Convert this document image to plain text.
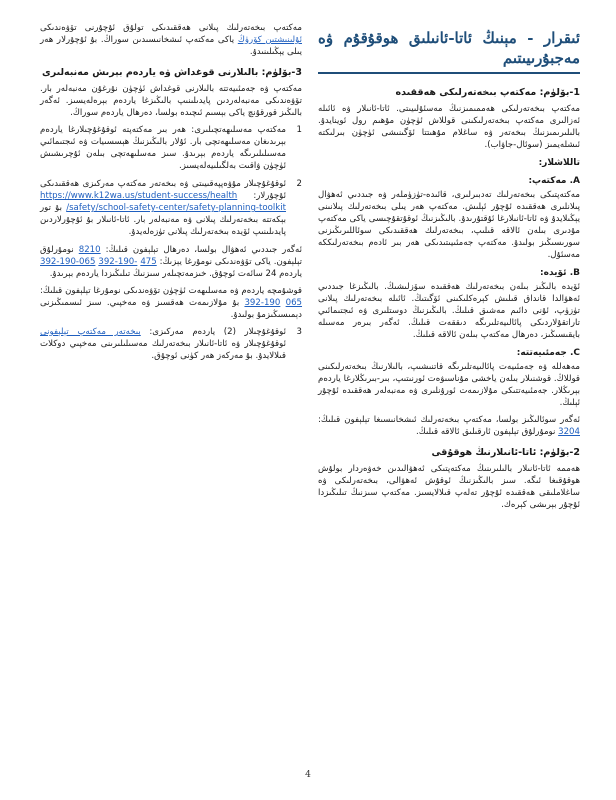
ئىقرار - مېنىڭ ئاتا-ئانىلىق ھوقۇقۇم ۋە مەجبۇرىيىتىم
1-بۆلۈم: مەكتەپ بىخەتەرلىكى ھەققىدە

مەكتەپ بىخەتەرلىكى ھەممىمىزنىڭ مەسئۇلىيىتى. ئاتا-ئانىلار ۋە ئائىلە ئەزالىرى مەكتەپ بىخەتەرلىكىنى قوللاش ئۈچۈن مۇھىم رول ئوينايدۇ. بالىلىرىمىزنىڭ بىخەتەر ۋە ساغلام مۇھىتتا ئۆگىنىشى ئۈچۈن بىرلىكتە ئىشلەيمىز (سوئال-جاۋاب).

تاللاشلار:
A. مەكتەپ:

مەكتەپتىكى بىخەتەرلىك تەدبىرلىرى، قائىدە-تۈزۈملەر ۋە جىددىي ئەھۋال پىلانلىرى ھەققىدە ئۇچۇر ئېلىش. مەكتەپ ھەر يىلى بىخەتەرلىك پىلانىنى يېڭىلايدۇ ۋە ئاتا-ئانىلارغا ئۇقتۇرىدۇ. بالىڭىزنىڭ ئوقۇتقۇچىسى ياكى مەكتەپ مۇدىرى بىلەن ئالاقە قىلىپ، بىخەتەرلىك ھەققىدىكى سوئاللىرىڭىزنى سورىسىڭىز بولىدۇ. مەكتەپ جەمئىيىتىدىكى ھەر بىر ئادەم بىخەتەرلىككە مەسئۇل.

B. ئۆيدە:

ئۆيدە بالىڭىز بىلەن بىخەتەرلىك ھەققىدە سۆزلىشىڭ. بالىڭىزغا جىددىي ئەھۋالدا قانداق قىلىش كېرەكلىكىنى ئۆگىتىڭ. ئائىلە بىخەتەرلىك پىلانى تۈزۈپ، ئۇنى دائىم مەشىق قىلىڭ. بالىڭىزنىڭ دوستلىرى ۋە ئىجتىمائىي تاراتقۇلاردىكى پائالىيەتلىرىگە دىققەت قىلىڭ. ئەگەر بىرەر مەسىلە بايقىسىڭىز، دەرھال مەكتەپ بىلەن ئالاقە قىلىڭ.

C. جەمئىيەتتە:

مەھەللە ۋە جەمئىيەت پائالىيەتلىرىگە قاتنىشىپ، بالىلارنىڭ بىخەتەرلىكىنى قوللاڭ. قوشنىلار بىلەن ياخشى مۇناسىۋەت ئورنىتىپ، بىر-بىرىڭلارغا ياردەم بېرىڭلار. جەمئىيەتتىكى مۇلازىمەت ئورۇنلىرى ۋە مەنبەلەر ھەققىدە ئۇچۇر ئېلىڭ.

ئەگەر سوئالىڭىز بولسا، مەكتەپ بىخەتەرلىك ئىشخانىسىغا تېلېفون قىلىڭ: 3204 نومۇرلۇق تېلېفون ئارقىلىق ئالاقە قىلىڭ.

2-بۆلۈم: ئاتا-ئانىلارنىڭ ھوقۇقى

ھەممە ئاتا-ئانىلار بالىلىرىنىڭ مەكتەپتىكى ئەھۋالىدىن خەۋەردار بولۇش ھوقۇقىغا ئىگە. سىز بالىڭىزنىڭ ئوقۇش ئەھۋالى، بىخەتەرلىكى ۋە ساغلاملىقى ھەققىدە ئۇچۇر تەلەپ قىلالايسىز. مەكتەپ سىزنىڭ تىلىڭىزدا ئۇچۇر بېرىشى كېرەك.

مەكتەپ بىخەتەرلىك پىلانى ھەققىدىكى تولۇق ئۇچۇرنى تۆۋەندىكى ئۇلىنىشتىن كۆرۈڭ ياكى مەكتەپ ئىشخانىسىدىن سوراڭ. بۇ ئۇچۇرلار ھەر يىلى يېڭىلىنىدۇ.

3-بۆلۈم: بالىلارنى قوغداش ۋە ياردەم بېرىش مەنبەلىرى

مەكتەپ ۋە جەمئىيەتتە بالىلارنى قوغداش ئۈچۈن نۇرغۇن مەنبەلەر بار. تۆۋەندىكى مەنبەلەردىن پايدىلىنىپ بالىڭىزغا ياردەم بېرەلەيسىز. ئەگەر بالىڭىز قورقۇنچ ياكى بېسىم ئىچىدە بولسا، دەرھال ياردەم سوراڭ.

1
مەكتەپ مەسلىھەتچىلىرى: ھەر بىر مەكتەپتە ئوقۇغۇچىلارغا ياردەم بېرىدىغان مەسلىھەتچى بار. ئۇلار بالىڭىزنىڭ ھېسسىيات ۋە ئىجتىمائىي مەسىلىلىرىگە ياردەم بېرىدۇ. سىز مەسلىھەتچى بىلەن ئۇچرىشىش ئۈچۈن ۋاقىت بەلگىلىيەلەيسىز.
2
ئوقۇغۇچىلار مۇۋەپپەقىيىتى ۋە بىخەتەر مەكتەپ مەركىزى ھەققىدىكى ئۇچۇرلار: https://www.k12wa.us/student-success/health /safety/school-safety-center/safety-planning-toolkit بۇ تور بېكەتتە بىخەتەرلىك پىلانى ۋە مەنبەلەر بار. ئاتا-ئانىلار بۇ ئۇچۇرلاردىن پايدىلىنىپ ئۆيدە بىخەتەرلىك پىلانى تۈزەلەيدۇ.

ئەگەر جىددىي ئەھۋال بولسا، دەرھال تېلېفون قىلىڭ: 8210 نومۇرلۇق تېلېفون. ياكى تۆۋەندىكى نومۇرغا يېزىڭ: 392-190-065 392-190- 475 ياردەم 24 سائەت ئوچۇق. خىزمەتچىلەر سىزنىڭ تىلىڭىزدا ياردەم بېرىدۇ.

قوشۇمچە ياردەم ۋە مەسلىھەت ئۈچۈن تۆۋەندىكى نومۇرغا تېلېفون قىلىڭ: 392-190 065 بۇ مۇلازىمەت ھەقسىز ۋە مەخپىي. سىز ئىسمىڭىزنى دېمىسىڭىزمۇ بولىدۇ.

3
ئوقۇغۇچىلار (2) ياردەم مەركىزى: بىخەتەر مەكتەپ تېلېفونى ئوقۇغۇچىلار ۋە ئاتا-ئانىلار بىخەتەرلىك مەسىلىلىرىنى مەخپىي دوكلات قىلالايدۇ. بۇ مەركەز ھەر كۈنى ئوچۇق.
4
